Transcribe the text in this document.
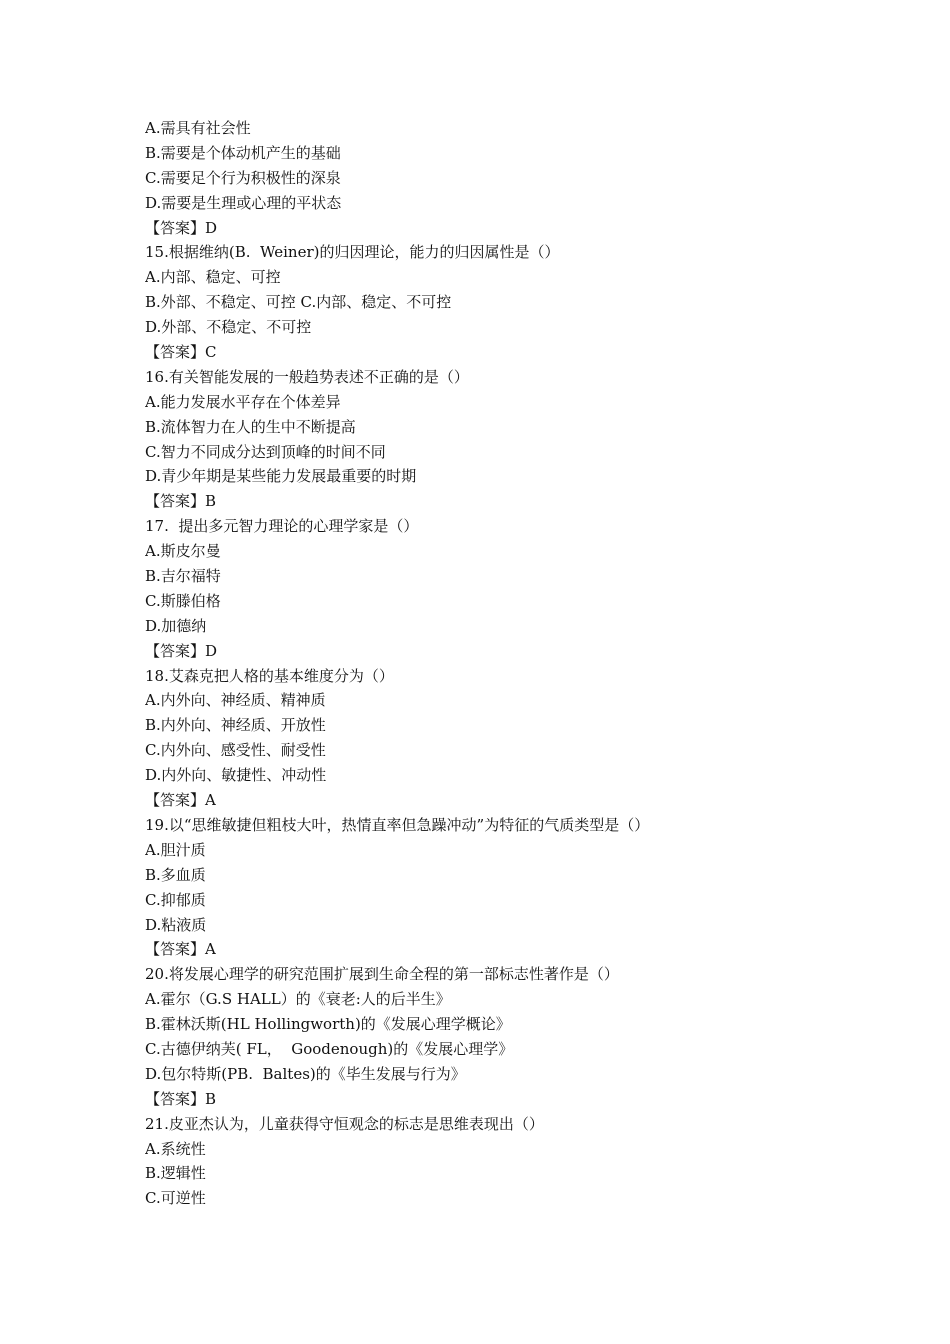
A.需具有社会性
B.需要是个体动机产生的基础
C.需要足个行为积极性的深泉
D.需要是生理或心理的平状态
【答案】D
15.根据维纳(B.  Weiner)的归因理论，能力的归因属性是（）
A.内部、稳定、可控
B.外部、不稳定、可控 C.内部、稳定、不可控
D.外部、不稳定、不可控
【答案】C
16.有关智能发展的一般趋势表述不正确的是（）
A.能力发展水平存在个体差异
B.流体智力在人的生中不断提高
C.智力不同成分达到顶峰的时间不同
D.青少年期是某些能力发展最重要的时期
【答案】B
17.  提出多元智力理论的心理学家是（）
A.斯皮尔曼
B.吉尔福特
C.斯滕伯格
D.加德纳
【答案】D
18.艾森克把人格的基本维度分为（）
A.内外向、神经质、精神质
B.内外向、神经质、开放性
C.内外向、感受性、耐受性
D.内外向、敏捷性、冲动性
【答案】A
19.以“思维敏捷但粗枝大叶，热情直率但急躁冲动”为特征的气质类型是（）
A.胆汁质
B.多血质
C.抑郁质
D.粘液质
【答案】A
20.将发展心理学的研究范围扩展到生命全程的第一部标志性著作是（）
A.霍尔（G.S HALL）的《衰老:人的后半生》
B.霍林沃斯(HL Hollingworth)的《发展心理学概论》
C.古德伊纳芙( FL，  Goodenough)的《发展心理学》
D.包尔特斯(PB.  Baltes)的《毕生发展与行为》
【答案】B
21.皮亚杰认为，儿童获得守恒观念的标志是思维表现出（）
A.系统性
B.逻辑性
C.可逆性
